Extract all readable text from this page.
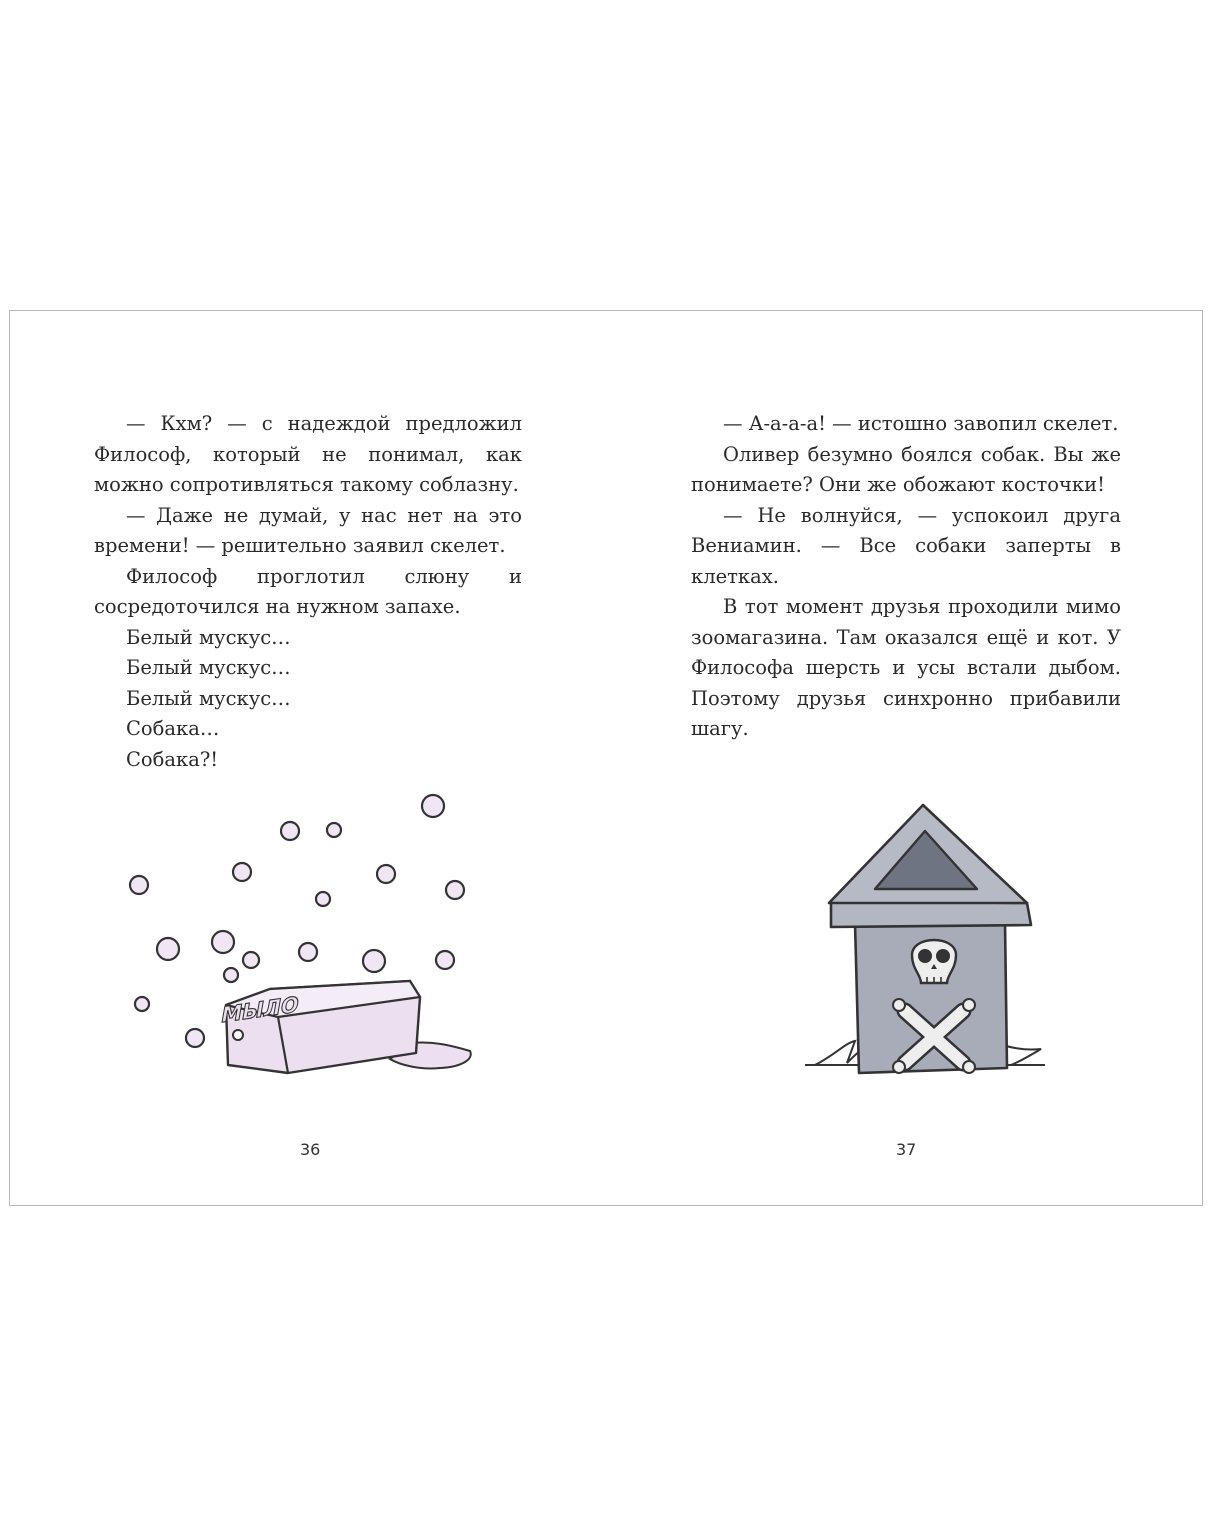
— Кхм? — с надеждой предложил Философ, который не понимал, как можно сопротивляться такому соблазну.

— Даже не думай, у нас нет на это времени! — решительно заявил скелет.

Философ проглотил слюну и сосредоточился на нужном запахе.

Белый мускус…

Белый мускус…

Белый мускус…

Собака…

Собака?!

МЫЛО
36

— А-а-а-а! — истошно завопил скелет.

Оливер безумно боялся собак. Вы же понимаете? Они же обожают косточки!

— Не волнуйся, — успокоил друга Вениамин. — Все собаки заперты в клетках.

В тот момент друзья проходили мимо зоомагазина. Там оказался ещё и кот. У Философа шерсть и усы встали дыбом. Поэтому друзья синхронно прибавили шагу.

37
